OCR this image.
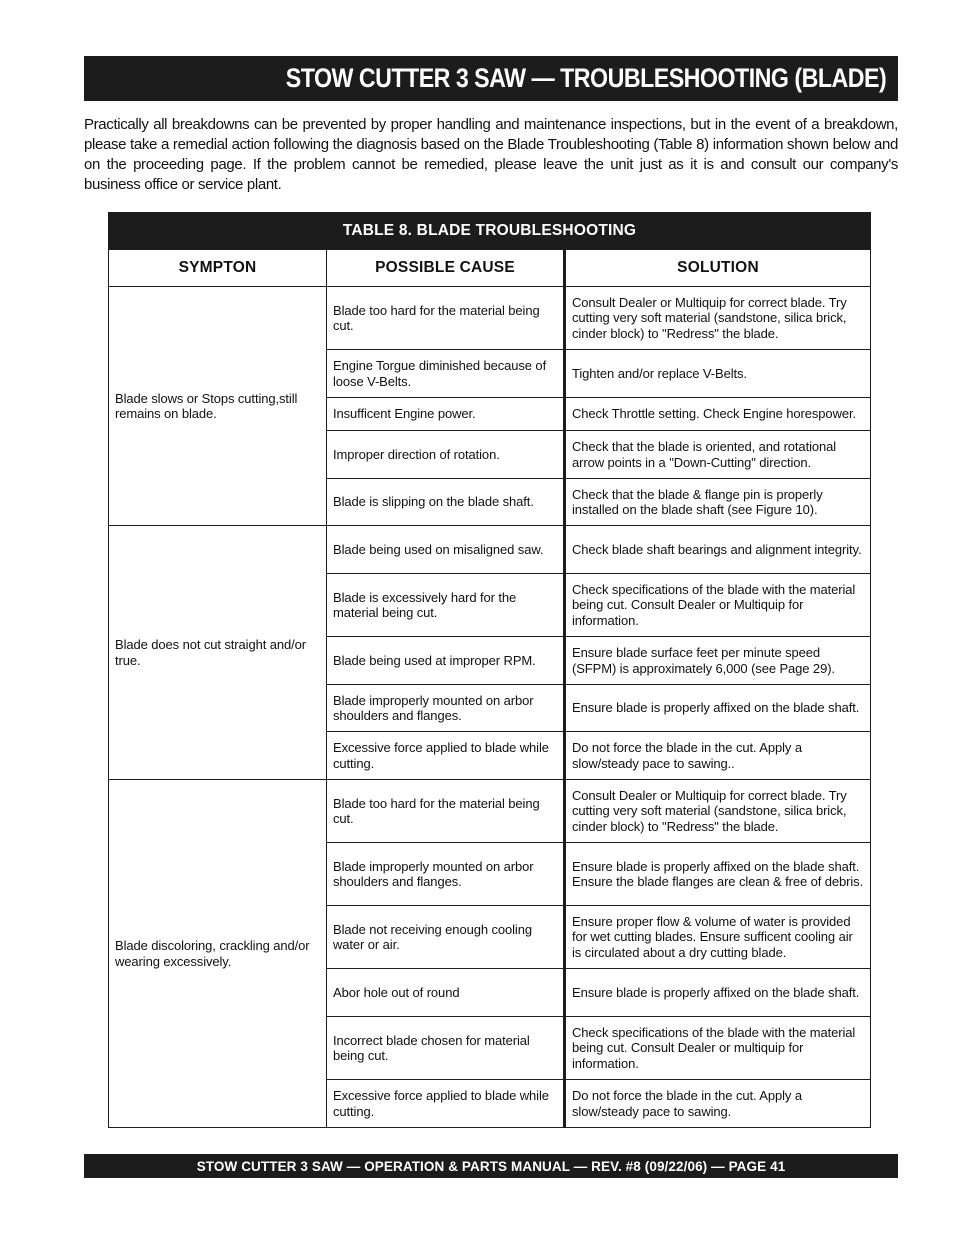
STOW CUTTER 3 SAW — TROUBLESHOOTING (BLADE)

Practically all breakdowns can be prevented by proper handling and maintenance inspections, but in the event of a breakdown, please take a remedial action following the diagnosis based on the Blade Troubleshooting (Table 8) information shown below and on the proceeding page. If the problem cannot be remedied, please leave the unit just as it is and consult our company's business office or service plant.

TABLE 8. BLADE TROUBLESHOOTING		
SYMPTON	POSSIBLE CAUSE	SOLUTION
Blade slows or Stops cutting,still remains on blade.	Blade too hard for the material being cut.	Consult Dealer or Multiquip for correct blade. Try cutting very soft material (sandstone, silica brick, cinder block) to "Redress" the blade.
	Engine Torgue diminished because of loose V-Belts.	Tighten and/or replace V-Belts.
	Insufficent Engine power.	Check Throttle setting. Check Engine horespower.
	Improper direction of rotation.	Check that the blade is oriented, and rotational arrow points in a "Down-Cutting" direction.
	Blade is slipping on the blade shaft.	Check that the blade & flange pin is properly installed on the blade shaft (see Figure 10).
Blade does not cut straight and/or true.	Blade being used on misaligned saw.	Check blade shaft bearings and alignment integrity.
	Blade is excessively hard for the material being cut.	Check specifications of the blade with the material being cut. Consult Dealer or Multiquip for information.
	Blade being used at improper RPM.	Ensure blade surface feet per minute speed (SFPM) is approximately 6,000 (see Page 29).
	Blade improperly mounted on arbor shoulders and flanges.	Ensure blade is properly affixed on the blade shaft.
	Excessive force applied to blade while cutting.	Do not force the blade in the cut. Apply a slow/steady pace to sawing..
Blade discoloring, crackling and/or wearing excessively.	Blade too hard for the material being cut.	Consult Dealer or Multiquip for correct blade. Try cutting very soft material (sandstone, silica brick, cinder block) to "Redress" the blade.
	Blade improperly mounted on arbor shoulders and flanges.	Ensure blade is properly affixed on the blade shaft. Ensure the blade flanges are clean & free of debris.
	Blade not receiving enough cooling water or air.	Ensure proper flow & volume of water is provided for wet cutting blades. Ensure sufficent cooling air is circulated about a dry cutting blade.
	Abor hole out of round	Ensure blade is properly affixed on the blade shaft.
	Incorrect blade chosen for material being cut.	Check specifications of the blade with the material being cut. Consult Dealer or multiquip for information.
	Excessive force applied to blade while cutting.	Do not force the blade in the cut. Apply a slow/steady pace to sawing.
STOW CUTTER 3 SAW — OPERATION & PARTS MANUAL — REV. #8 (09/22/06) — PAGE 41
